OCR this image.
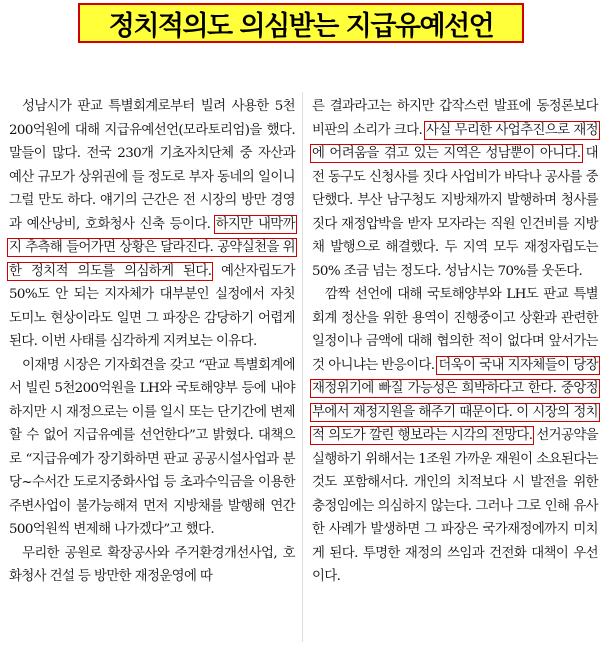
정치적의도 의심받는 지급유예선언

성남시가 판교 특별회계로부터 빌려 사용한 5천200억원에 대해 지급유예선언(모라토리엄)을 했다. 말들이 많다. 전국 230개 기초자치단체 중 자산과 예산 규모가 상위권에 들 정도로 부자 동네의 일이니 그럴 만도 하다. 얘기의 근간은 전 시장의 방만 경영과 예산낭비, 호화청사 신축 등이다. 하지만 내막까지 추측해 들어가면 상황은 달라진다. 공약실천을 위한 정치적 의도를 의심하게 된다. 예산자립도가 50%도 안 되는 지자체가 대부분인 실정에서 자칫 도미노 현상이라도 일면 그 파장은 감당하기 어렵게 된다. 이번 사태를 심각하게 지켜보는 이유다.

이재명 시장은 기자회견을 갖고 “판교 특별회계에서 빌린 5천200억원을 LH와 국토해양부 등에 내야 하지만 시 재정으로는 이를 일시 또는 단기간에 변제할 수 없어 지급유예를 선언한다”고 밝혔다. 대책으로 “지급유예가 장기화하면 판교 공공시설사업과 분당~수서간 도로지중화사업 등 초과수익금을 이용한 주변사업이 불가능해져 먼저 지방채를 발행해 연간 500억원씩 변제해 나가겠다”고 했다.

무리한 공원로 확장공사와 주거환경개선사업, 호화청사 건설 등 방만한 재정운영에 따

른 결과라고는 하지만 갑작스런 발표에 동정론보다 비판의 소리가 크다. 사실 무리한 사업추진으로 재정에 어려움을 겪고 있는 지역은 성남뿐이 아니다. 대전 동구도 신청사를 짓다 사업비가 바닥나 공사를 중단했다. 부산 남구청도 지방채까지 발행하며 청사를 짓다 재정압박을 받자 모자라는 직원 인건비를 지방채 발행으로 해결했다. 두 지역 모두 재정자립도는 50% 조금 넘는 정도다. 성남시는 70%를 웃돈다.

깜짝 선언에 대해 국토해양부와 LH도 판교 특별회계 정산을 위한 용역이 진행중이고 상환과 관련한 일정이나 금액에 대해 협의한 적이 없다며 앞서가는 것 아니냐는 반응이다. 더욱이 국내 지자체들이 당장 재정위기에 빠질 가능성은 희박하다고 한다. 중앙정부에서 재정지원을 해주기 때문이다. 이 시장의 정치적 의도가 깔린 행보라는 시각의 전망다. 선거공약을 실행하기 위해서는 1조원 가까운 재원이 소요된다는 것도 포함해서다. 개인의 치적보다 시 발전을 위한 충정임에는 의심하지 않는다. 그러나 그로 인해 유사한 사례가 발생하면 그 파장은 국가재정에까지 미치게 된다. 투명한 재정의 쓰임과 건전화 대책이 우선이다.
